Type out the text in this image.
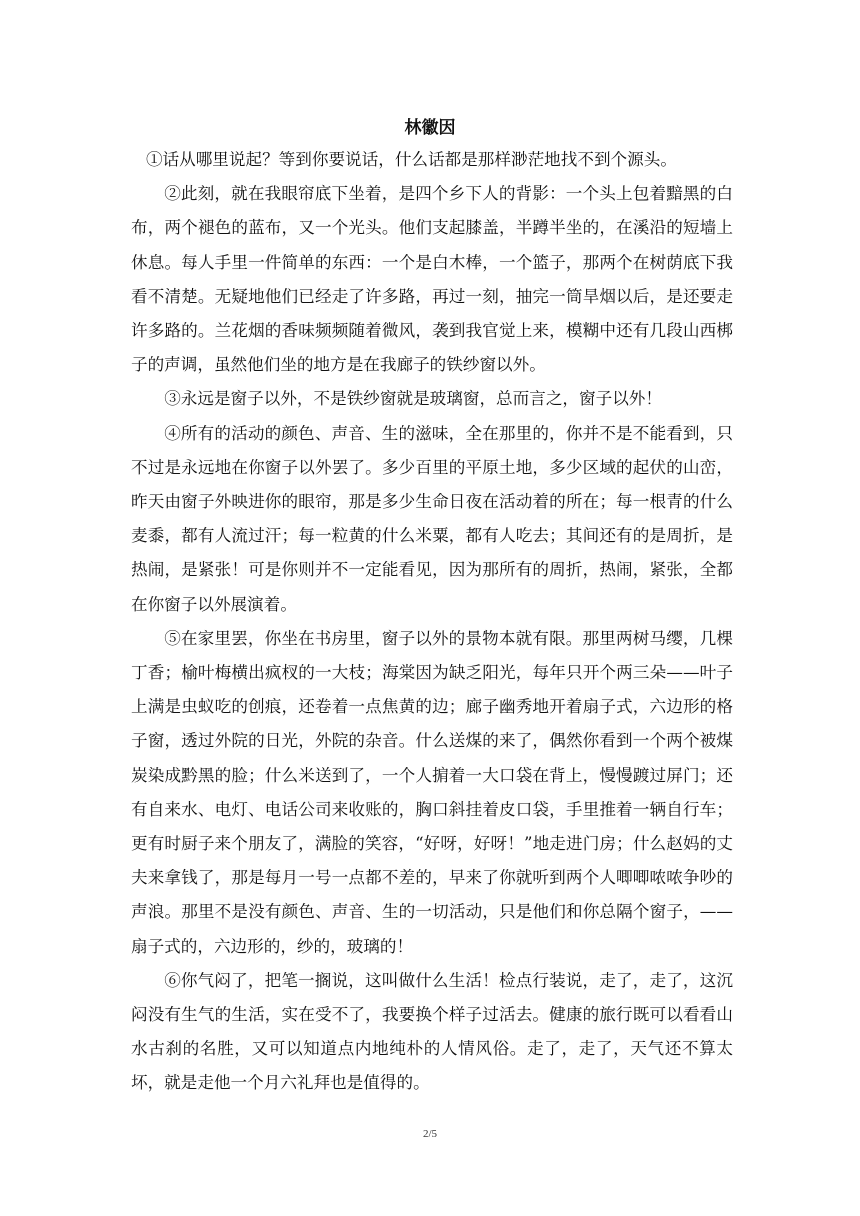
林徽因

①话从哪里说起？等到你要说话，什么话都是那样渺茫地找不到个源头。

②此刻，就在我眼帘底下坐着，是四个乡下人的背影：一个头上包着黯黑的白布，两个褪色的蓝布，又一个光头。他们支起膝盖，半蹲半坐的，在溪沿的短墙上休息。每人手里一件简单的东西：一个是白木棒，一个篮子，那两个在树荫底下我看不清楚。无疑地他们已经走了许多路，再过一刻，抽完一筒旱烟以后，是还要走许多路的。兰花烟的香味频频随着微风，袭到我官觉上来，模糊中还有几段山西梆子的声调，虽然他们坐的地方是在我廊子的铁纱窗以外。

③永远是窗子以外，不是铁纱窗就是玻璃窗，总而言之，窗子以外！

④所有的活动的颜色、声音、生的滋味，全在那里的，你并不是不能看到，只不过是永远地在你窗子以外罢了。多少百里的平原土地，多少区域的起伏的山峦，昨天由窗子外映进你的眼帘，那是多少生命日夜在活动着的所在；每一根青的什么麦黍，都有人流过汗；每一粒黄的什么米粟，都有人吃去；其间还有的是周折，是热闹，是紧张！可是你则并不一定能看见，因为那所有的周折，热闹，紧张，全都在你窗子以外展演着。

⑤在家里罢，你坐在书房里，窗子以外的景物本就有限。那里两树马缨，几棵丁香；榆叶梅横出疯杈的一大枝；海棠因为缺乏阳光，每年只开个两三朵——叶子上满是虫蚁吃的创痕，还卷着一点焦黄的边；廊子幽秀地开着扇子式，六边形的格子窗，透过外院的日光，外院的杂音。什么送煤的来了，偶然你看到一个两个被煤炭染成黔黑的脸；什么米送到了，一个人掮着一大口袋在背上，慢慢踱过屏门；还有自来水、电灯、电话公司来收账的，胸口斜挂着皮口袋，手里推着一辆自行车；更有时厨子来个朋友了，满脸的笑容，“好呀，好呀！”地走进门房；什么赵妈的丈夫来拿钱了，那是每月一号一点都不差的，早来了你就听到两个人唧唧哝哝争吵的声浪。那里不是没有颜色、声音、生的一切活动，只是他们和你总隔个窗子，——扇子式的，六边形的，纱的，玻璃的！

⑥你气闷了，把笔一搁说，这叫做什么生活！检点行装说，走了，走了，这沉闷没有生气的生活，实在受不了，我要换个样子过活去。健康的旅行既可以看看山水古刹的名胜，又可以知道点内地纯朴的人情风俗。走了，走了，天气还不算太坏，就是走他一个月六礼拜也是值得的。

2/5
